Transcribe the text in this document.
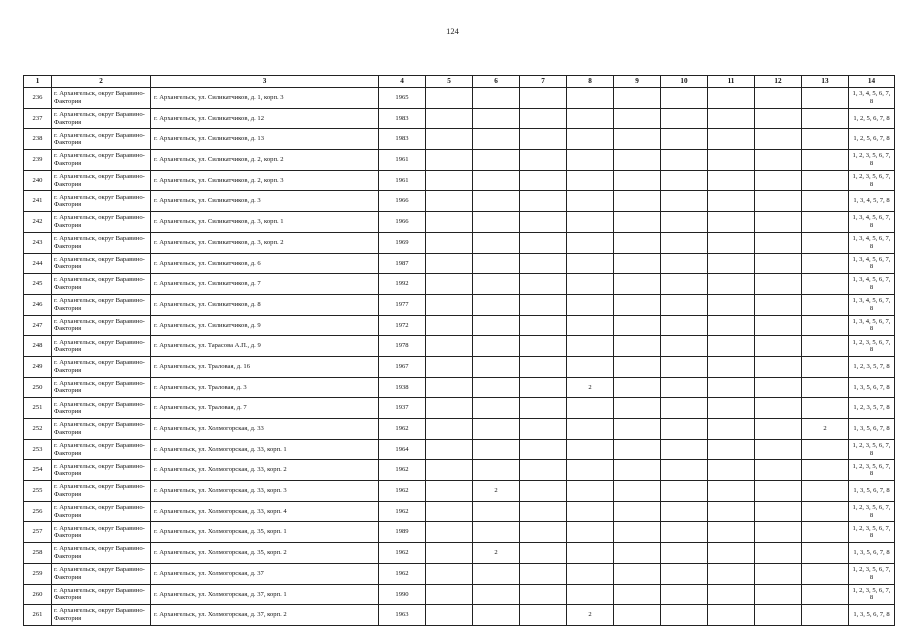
124
1	2	3	4	5	6	7	8	9	10	11	12	13	14
236	г. Архангельск, округ Варавино-Фактория	г. Архангельск, ул. Силикатчиков, д. 1, корп. 3	1965										1, 3, 4, 5, 6, 7, 8
237	г. Архангельск, округ Варавино-Фактория	г. Архангельск, ул. Силикатчиков, д. 12	1983										1, 2, 5, 6, 7, 8
238	г. Архангельск, округ Варавино-Фактория	г. Архангельск, ул. Силикатчиков, д. 13	1983										1, 2, 5, 6, 7, 8
239	г. Архангельск, округ Варавино-Фактория	г. Архангельск, ул. Силикатчиков, д. 2, корп. 2	1961										1, 2, 3, 5, 6, 7, 8
240	г. Архангельск, округ Варавино-Фактория	г. Архангельск, ул. Силикатчиков, д. 2, корп. 3	1961										1, 2, 3, 5, 6, 7, 8
241	г. Архангельск, округ Варавино-Фактория	г. Архангельск, ул. Силикатчиков, д. 3	1966										1, 3, 4, 5, 7, 8
242	г. Архангельск, округ Варавино-Фактория	г. Архангельск, ул. Силикатчиков, д. 3, корп. 1	1966										1, 3, 4, 5, 6, 7, 8
243	г. Архангельск, округ Варавино-Фактория	г. Архангельск, ул. Силикатчиков, д. 3, корп. 2	1969										1, 3, 4, 5, 6, 7, 8
244	г. Архангельск, округ Варавино-Фактория	г. Архангельск, ул. Силикатчиков, д. 6	1987										1, 3, 4, 5, 6, 7, 8
245	г. Архангельск, округ Варавино-Фактория	г. Архангельск, ул. Силикатчиков, д. 7	1992										1, 3, 4, 5, 6, 7, 8
246	г. Архангельск, округ Варавино-Фактория	г. Архангельск, ул. Силикатчиков, д. 8	1977										1, 3, 4, 5, 6, 7, 8
247	г. Архангельск, округ Варавино-Фактория	г. Архангельск, ул. Силикатчиков, д. 9	1972										1, 3, 4, 5, 6, 7, 8
248	г. Архангельск, округ Варавино-Фактория	г. Архангельск, ул. Тарасова А.П., д. 9	1978										1, 2, 3, 5, 6, 7, 8
249	г. Архангельск, округ Варавино-Фактория	г. Архангельск, ул. Траловая, д. 16	1967										1, 2, 3, 5, 7, 8
250	г. Архангельск, округ Варавино-Фактория	г. Архангельск, ул. Траловая, д. 3	1938				2						1, 3, 5, 6, 7, 8
251	г. Архангельск, округ Варавино-Фактория	г. Архангельск, ул. Траловая, д. 7	1937										1, 2, 3, 5, 7, 8
252	г. Архангельск, округ Варавино-Фактория	г. Архангельск, ул. Холмогорская, д. 33	1962									2	1, 3, 5, 6, 7, 8
253	г. Архангельск, округ Варавино-Фактория	г. Архангельск, ул. Холмогорская, д. 33, корп. 1	1964										1, 2, 3, 5, 6, 7, 8
254	г. Архангельск, округ Варавино-Фактория	г. Архангельск, ул. Холмогорская, д. 33, корп. 2	1962										1, 2, 3, 5, 6, 7, 8
255	г. Архангельск, округ Варавино-Фактория	г. Архангельск, ул. Холмогорская, д. 33, корп. 3	1962		2								1, 3, 5, 6, 7, 8
256	г. Архангельск, округ Варавино-Фактория	г. Архангельск, ул. Холмогорская, д. 33, корп. 4	1962										1, 2, 3, 5, 6, 7, 8
257	г. Архангельск, округ Варавино-Фактория	г. Архангельск, ул. Холмогорская, д. 35, корп. 1	1989										1, 2, 3, 5, 6, 7, 8
258	г. Архангельск, округ Варавино-Фактория	г. Архангельск, ул. Холмогорская, д. 35, корп. 2	1962		2								1, 3, 5, 6, 7, 8
259	г. Архангельск, округ Варавино-Фактория	г. Архангельск, ул. Холмогорская, д. 37	1962										1, 2, 3, 5, 6, 7, 8
260	г. Архангельск, округ Варавино-Фактория	г. Архангельск, ул. Холмогорская, д. 37, корп. 1	1990										1, 2, 3, 5, 6, 7, 8
261	г. Архангельск, округ Варавино-Фактория	г. Архангельск, ул. Холмогорская, д. 37, корп. 2	1963				2						1, 3, 5, 6, 7, 8
